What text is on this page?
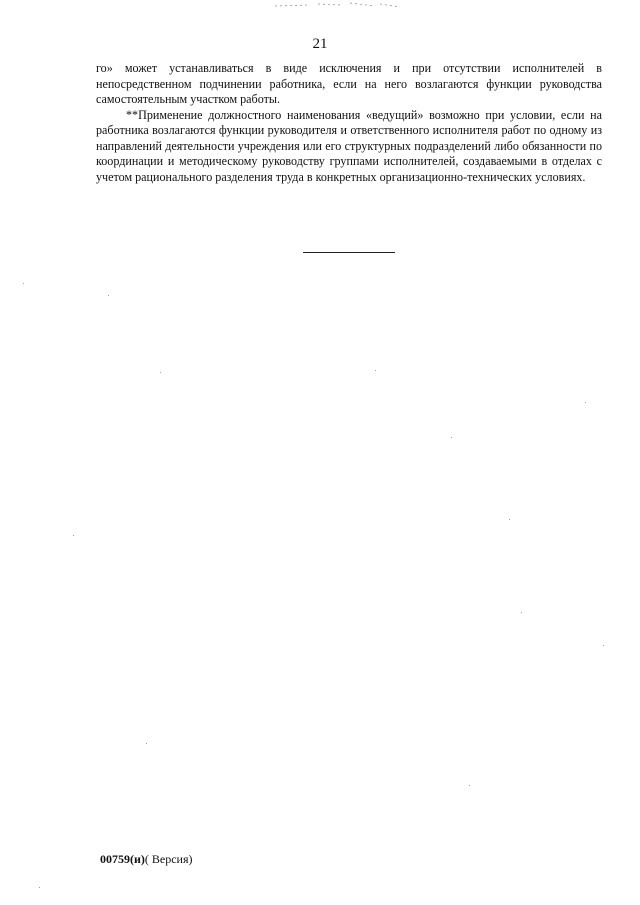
21

го» может устанавливаться в виде исключения и при отсутствии исполнителей в непосредственном подчинении работника, если на него возлагаются функции руководства самостоятельным участком работы.

**Применение должностного наименования «ведущий» возможно при условии, если на работника возлагаются функции руководителя и ответственного исполнителя работ по одному из направлений деятельности учреждения или его структурных подразделений либо обязанности по координации и методическому руководству группами исполнителей, создаваемыми в отделах с учетом рационального разделения труда в конкретных организационно-технических условиях.

00759(и)( Версия)
